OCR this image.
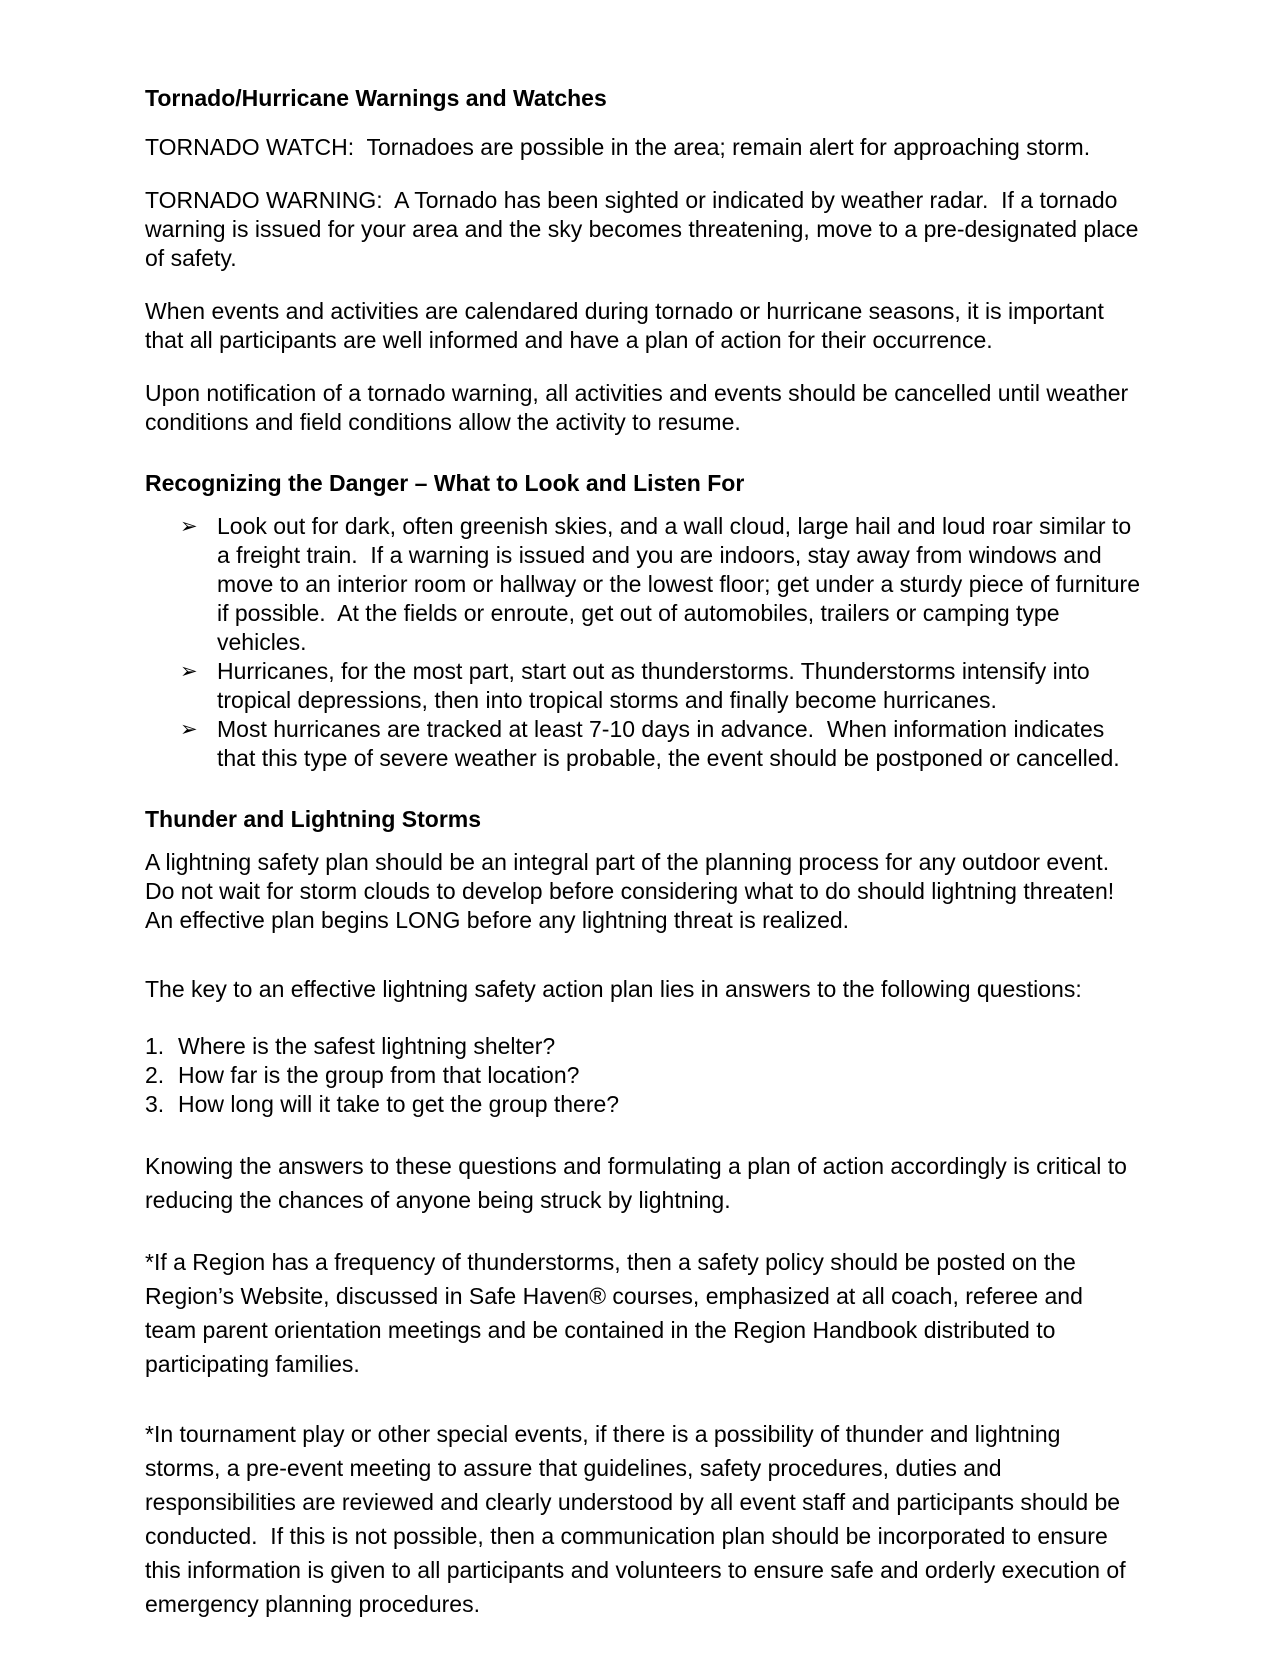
Tornado/Hurricane Warnings and Watches

TORNADO WATCH:  Tornadoes are possible in the area; remain alert for approaching storm.

TORNADO WARNING:  A Tornado has been sighted or indicated by weather radar.  If a tornado warning is issued for your area and the sky becomes threatening, move to a pre-designated place of safety.

When events and activities are calendared during tornado or hurricane seasons, it is important that all participants are well informed and have a plan of action for their occurrence.

Upon notification of a tornado warning, all activities and events should be cancelled until weather conditions and field conditions allow the activity to resume.

Recognizing the Danger – What to Look and Listen For
➢ Look out for dark, often greenish skies, and a wall cloud, large hail and loud roar similar to a freight train.  If a warning is issued and you are indoors, stay away from windows and move to an interior room or hallway or the lowest floor; get under a sturdy piece of furniture if possible.  At the fields or enroute, get out of automobiles, trailers or camping type vehicles.
➢ Hurricanes, for the most part, start out as thunderstorms. Thunderstorms intensify into tropical depressions, then into tropical storms and finally become hurricanes.
➢ Most hurricanes are tracked at least 7-10 days in advance.  When information indicates that this type of severe weather is probable, the event should be postponed or cancelled.
Thunder and Lightning Storms

A lightning safety plan should be an integral part of the planning process for any outdoor event.  Do not wait for storm clouds to develop before considering what to do should lightning threaten!  An effective plan begins LONG before any lightning threat is realized.

The key to an effective lightning safety action plan lies in answers to the following questions:

1. Where is the safest lightning shelter?
2. How far is the group from that location?
3. How long will it take to get the group there?

Knowing the answers to these questions and formulating a plan of action accordingly is critical to reducing the chances of anyone being struck by lightning.

*If a Region has a frequency of thunderstorms, then a safety policy should be posted on the Region’s Website, discussed in Safe Haven® courses, emphasized at all coach, referee and team parent orientation meetings and be contained in the Region Handbook distributed to participating families.

*In tournament play or other special events, if there is a possibility of thunder and lightning storms, a pre-event meeting to assure that guidelines, safety procedures, duties and responsibilities are reviewed and clearly understood by all event staff and participants should be conducted.  If this is not possible, then a communication plan should be incorporated to ensure this information is given to all participants and volunteers to ensure safe and orderly execution of emergency planning procedures.
